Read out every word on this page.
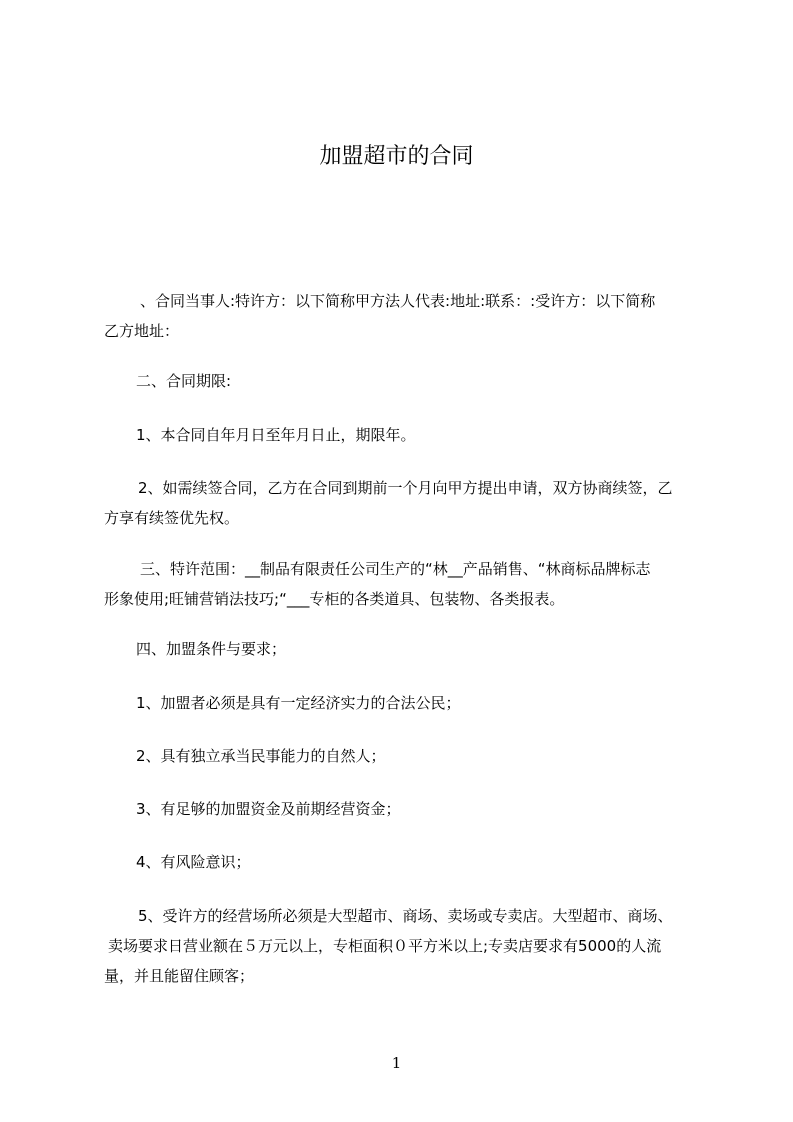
加盟超市的合同
、合同当事人:特许方：以下简称甲方法人代表:地址:联系：:受许方：以下简称
乙方地址：
二、合同期限:
1、本合同自年月日至年月日止，期限年。
2、如需续签合同，乙方在合同到期前一个月向甲方提出申请，双方协商续签，乙
方享有续签优先权。
三、特许范围：__制品有限责任公司生产的“林__产品销售、“林商标品牌标志
形象使用;旺铺营销法技巧;“___专柜的各类道具、包装物、各类报表。
四、加盟条件与要求；
1、加盟者必须是具有一定经济实力的合法公民；
2、具有独立承当民事能力的自然人；
3、有足够的加盟资金及前期经营资金；
4、有风险意识；
5、受许方的经营场所必须是大型超市、商场、卖场或专卖店。大型超市、商场、
卖场要求日营业额在５万元以上，专柜面积０平方米以上;专卖店要求有5000的人流
量，并且能留住顾客；
1
